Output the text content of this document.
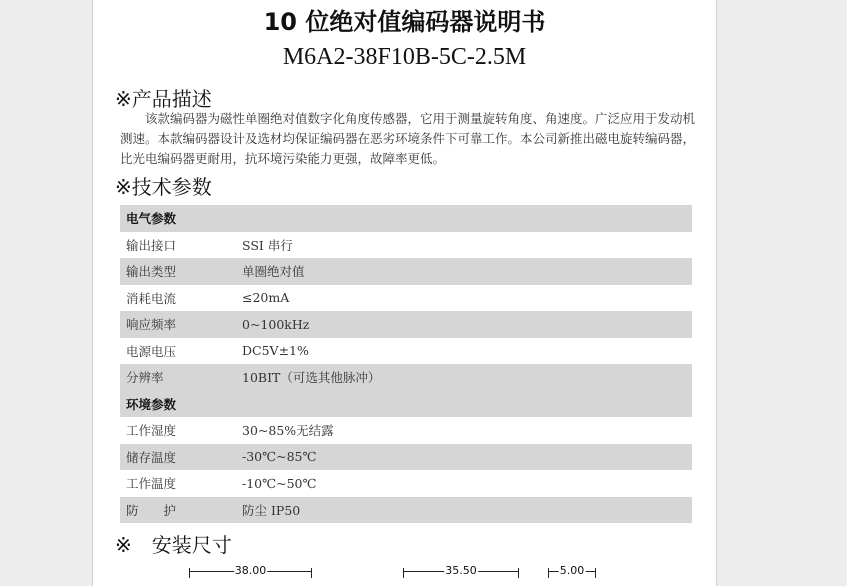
10 位绝对值编码器说明书
M6A2-38F10B-5C-2.5M
※产品描述

该款编码器为磁性单圈绝对值数字化角度传感器，它用于测量旋转角度、角速度。广泛应用于发动机测速。本款编码器设计及选材均保证编码器在恶劣环境条件下可靠工作。本公司新推出磁电旋转编码器，比光电编码器更耐用，抗环境污染能力更强，故障率更低。

※技术参数
电气参数
输出接口	SSI 串行
输出类型	单圈绝对值
消耗电流	≤20mA
响应频率	0~100kHz
电源电压	DC5V±1%
分辨率	10BIT（可选其他脉冲）
环境参数
工作湿度	30~85%无结露
储存温度	-30℃~85℃
工作温度	-10℃~50℃
防　　护	防尘 IP50
※　安装尺寸
38.00	35.50	5.00
